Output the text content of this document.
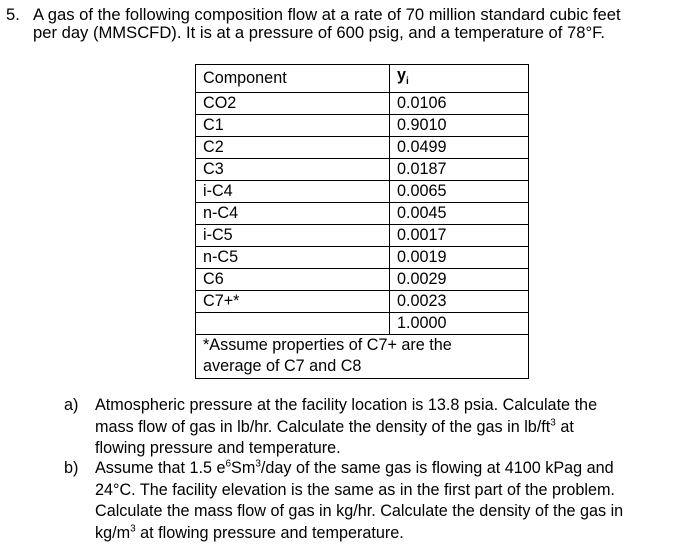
5. A gas of the following composition flow at a rate of 70 million standard cubic feet
per day (MMSCFD). It is at a pressure of 600 psig, and a temperature of 78°F.
Component	$y_i$
CO2	0.0106
C1	0.9010
C2	0.0499
C3	0.0187
i-C4	0.0065
n-C4	0.0045
i-C5	0.0017
n-C5	0.0019
C6	0.0029
C7+*	0.0023
	1.0000

*Assume properties of C7+ are the
average of C7 and C8	
a) Atmospheric pressure at the facility location is 13.8 psia. Calculate the
mass flow of gas in lb/hr. Calculate the density of the gas in $lb/ft^3$ at
flowing pressure and temperature.
b) Assume that 1.5 $e^6Sm^3$/day of the same gas is flowing at 4100 kPag and
24°C. The facility elevation is the same as in the first part of the problem.
Calculate the mass flow of gas in kg/hr. Calculate the density of the gas in
$kg/m^3$ at flowing pressure and temperature.
